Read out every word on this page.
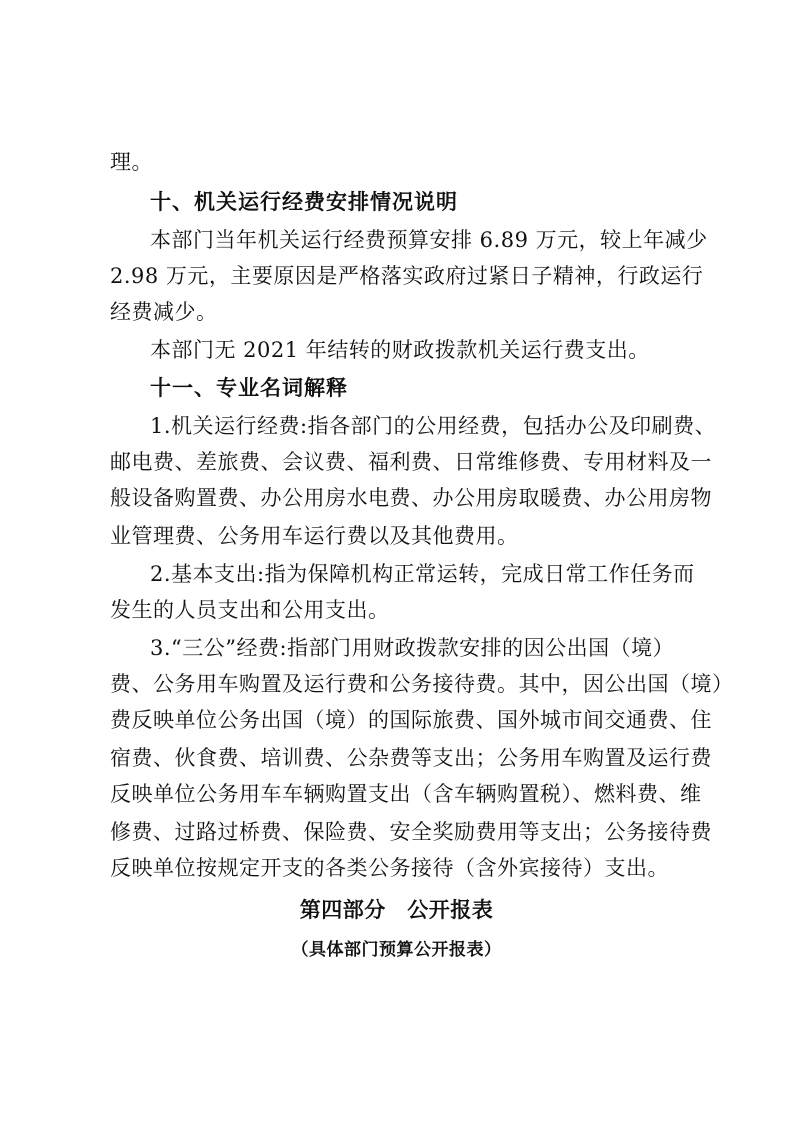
理。

十、机关运行经费安排情况说明

本部门当年机关运行经费预算安排 6.89 万元，较上年减少

2.98 万元，主要原因是严格落实政府过紧日子精神，行政运行

经费减少。

本部门无 2021 年结转的财政拨款机关运行费支出。

十一、专业名词解释

1.机关运行经费:指各部门的公用经费，包括办公及印刷费、

邮电费、差旅费、会议费、福利费、日常维修费、专用材料及一

般设备购置费、办公用房水电费、办公用房取暖费、办公用房物

业管理费、公务用车运行费以及其他费用。

2.基本支出:指为保障机构正常运转，完成日常工作任务而

发生的人员支出和公用支出。

3.“三公”经费:指部门用财政拨款安排的因公出国（境）

费、公务用车购置及运行费和公务接待费。其中，因公出国（境）

费反映单位公务出国（境）的国际旅费、国外城市间交通费、住

宿费、伙食费、培训费、公杂费等支出；公务用车购置及运行费

反映单位公务用车车辆购置支出（含车辆购置税）、燃料费、维

修费、过路过桥费、保险费、安全奖励费用等支出；公务接待费

反映单位按规定开支的各类公务接待（含外宾接待）支出。

第四部分　公开报表

（具体部门预算公开报表）
